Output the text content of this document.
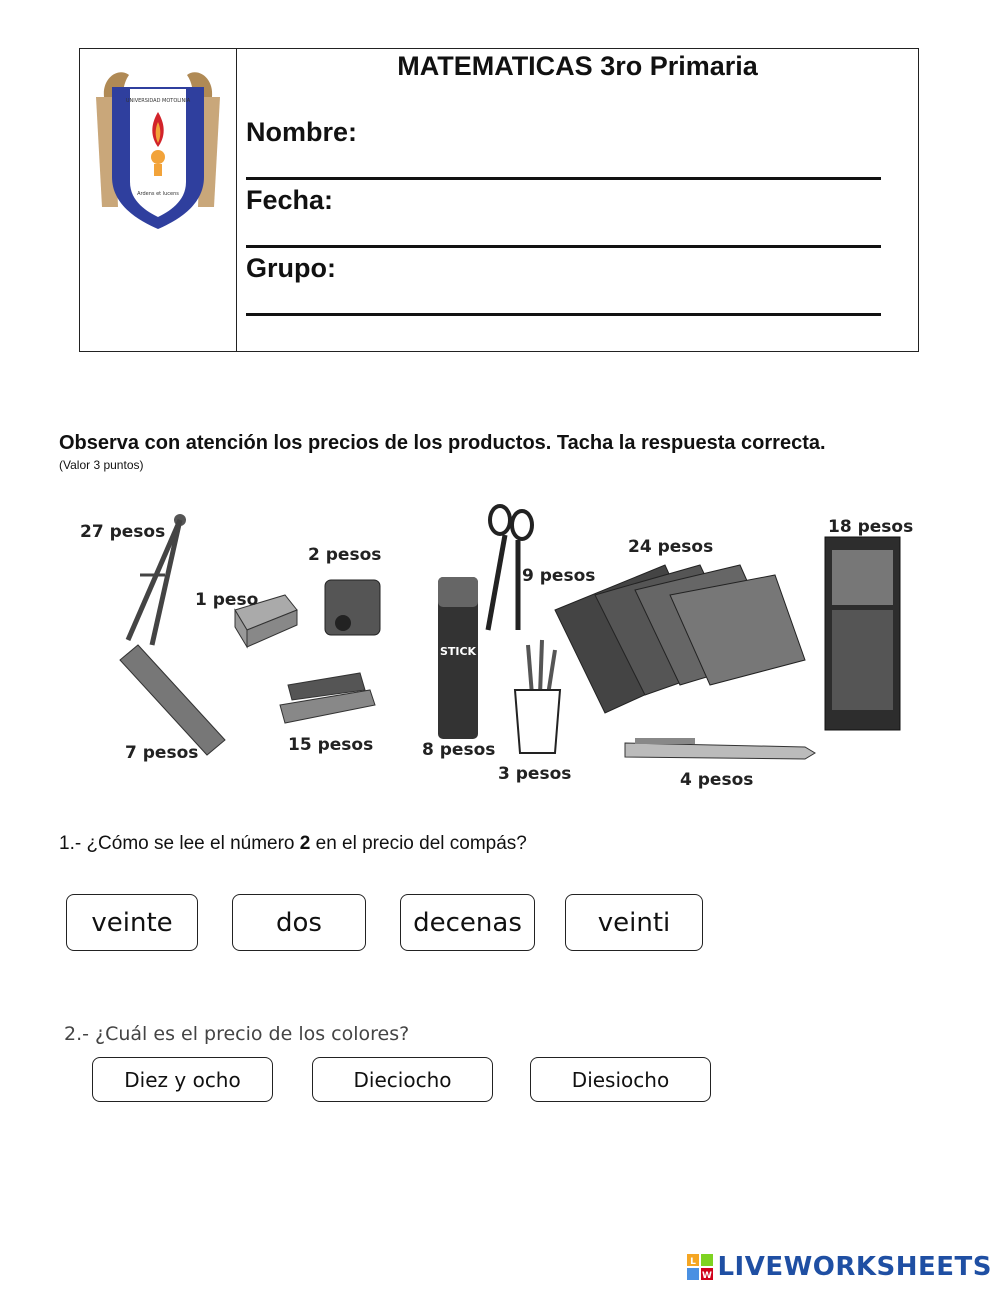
UNIVERSIDAD MOTOLINIA
Ardens et lucens
MATEMATICAS 3ro Primaria
Nombre:
Fecha:
Grupo:
Observa con atención los precios de los productos. Tacha la respuesta correcta.
(Valor 3 puntos)
27 pesos
1 peso
2 pesos
7 pesos	15 pesos
STICK
8 pesos
9 pesos
3 pesos
24 pesos
4 pesos
18 pesos
1.- ¿Cómo se lee el número 2 en el precio del compás?
veinte	dos	decenas	veinti
2.- ¿Cuál es el precio de los colores?
Diez y ocho	Dieciocho	Diesiocho
L
W LIVEWORKSHEETS
